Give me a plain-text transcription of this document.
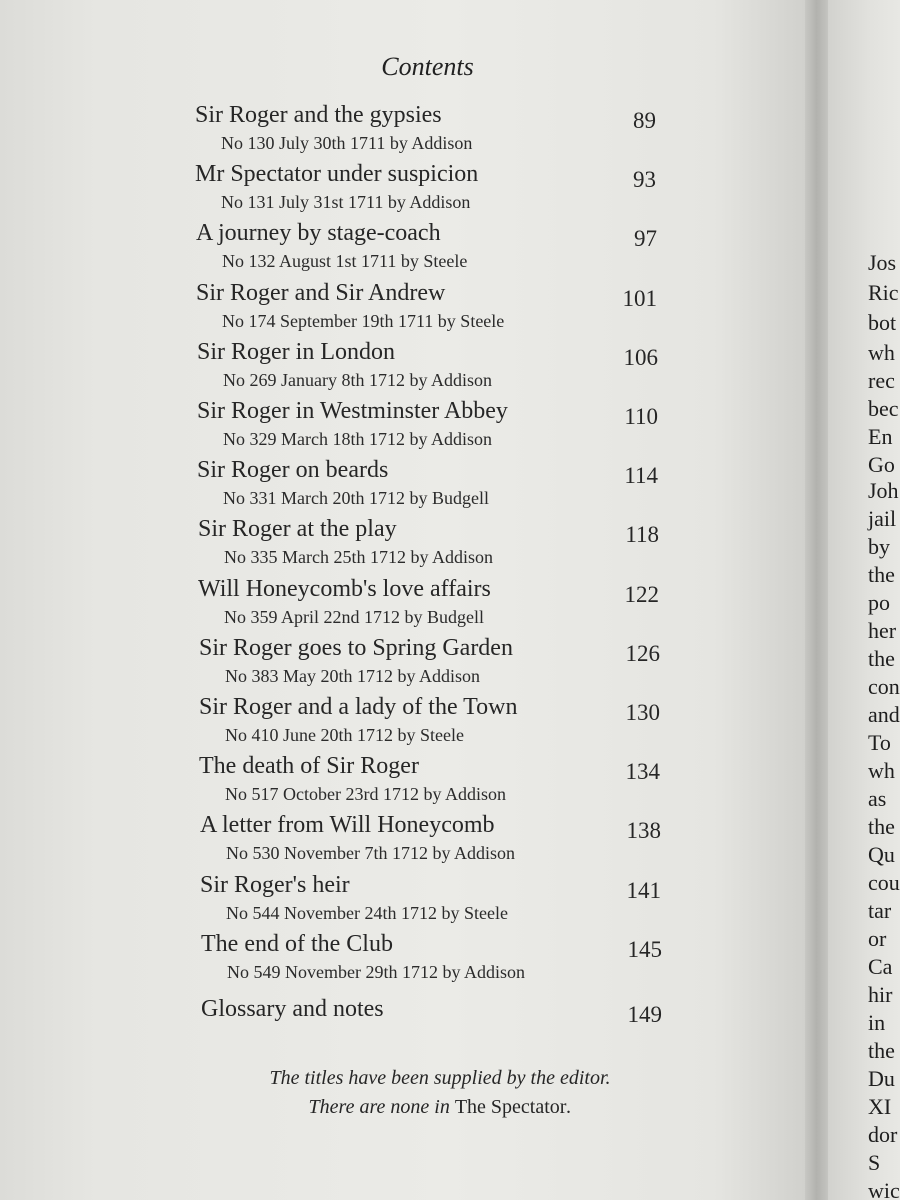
Jos
Ric
bot
wh
rec
bec
En
Go
Joh
jail
by
the
po
her
the
con
and
To
wh
as
the
Qu
cou
tar
or
Ca
hir
in
the
Du
XI
dor
S
wic
Contents
Sir Roger and the gypsies
No 130 July 30th 1711 by Addison
89
Mr Spectator under suspicion
No 131 July 31st 1711 by Addison
93
A journey by stage-coach
No 132 August 1st 1711 by Steele
97
Sir Roger and Sir Andrew
No 174 September 19th 1711 by Steele
101
Sir Roger in London
No 269 January 8th 1712 by Addison
106
Sir Roger in Westminster Abbey
No 329 March 18th 1712 by Addison
110
Sir Roger on beards
No 331 March 20th 1712 by Budgell
114
Sir Roger at the play
No 335 March 25th 1712 by Addison
118
Will Honeycomb's love affairs
No 359 April 22nd 1712 by Budgell
122
Sir Roger goes to Spring Garden
No 383 May 20th 1712 by Addison
126
Sir Roger and a lady of the Town
No 410 June 20th 1712 by Steele
130
The death of Sir Roger
No 517 October 23rd 1712 by Addison
134
A letter from Will Honeycomb
No 530 November 7th 1712 by Addison
138
Sir Roger's heir
No 544 November 24th 1712 by Steele
141
The end of the Club
No 549 November 29th 1712 by Addison
145
Glossary and notes	149
The titles have been supplied by the editor.
There are none in The Spectator.
